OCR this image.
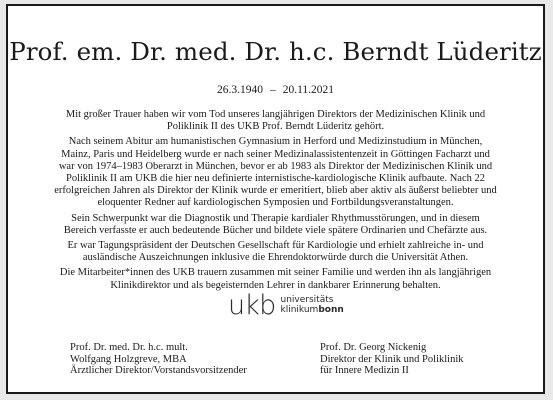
Prof. em. Dr. med. Dr. h.c. Berndt Lüderitz
26.3.1940 – 20.11.2021

Mit großer Trauer haben wir vom Tod unseres langjährigen Direktors der Medizinischen Klinik und Poliklinik II des UKB Prof. Berndt Lüderitz gehört.

Nach seinem Abitur am humanistischen Gymnasium in Herford und Medizinstudium in München, Mainz, Paris und Heidelberg wurde er nach seiner Medizinalassistentenzeit in Göttingen Facharzt und war von 1974–1983 Oberarzt in München, bevor er ab 1983 als Direktor der Medizinischen Klinik und Poliklinik II am UKB die hier neu definierte internistische-kardiologische Klinik aufbaute. Nach 22 erfolgreichen Jahren als Direktor der Klinik wurde er emeritiert, blieb aber aktiv als äußerst beliebter und eloquenter Redner auf kardiologischen Symposien und Fortbildungsveranstaltungen.

Sein Schwerpunkt war die Diagnostik und Therapie kardialer Rhythmusstörungen, und in diesem Bereich verfasste er auch bedeutende Bücher und bildete viele spätere Ordinarien und Chefärzte aus.

Er war Tagungspräsident der Deutschen Gesellschaft für Kardiologie und erhielt zahlreiche in- und ausländische Auszeichnungen inklusive die Ehrendoktorwürde durch die Universität Athen.

Die Mitarbeiter*innen des UKB trauern zusammen mit seiner Familie und werden ihn als langjährigen Klinikdirektor und als begeisternden Lehrer in dankbarer Erinnerung behalten.

ukb universitäts
klinikumbonn
Prof. Dr. med. Dr. h.c. mult.
Wolfgang Holzgreve, MBA
Ärztlicher Direktor/Vorstandsvorsitzender
Prof. Dr. Georg Nickenig
Direktor der Klinik und Poliklinik
für Innere Medizin II
